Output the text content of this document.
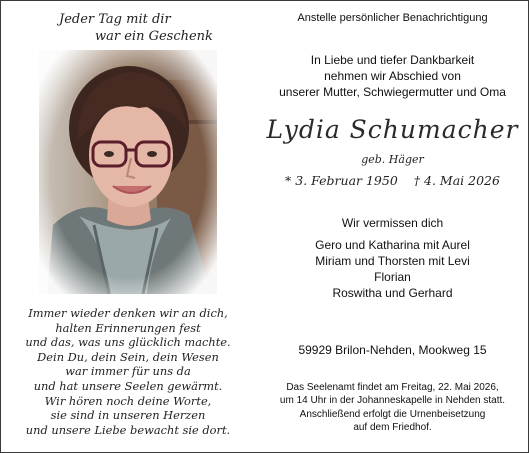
Jeder Tag mit dir
war ein Geschenk
Immer wieder denken wir an dich,
halten Erinnerungen fest
und das, was uns glücklich machte.
Dein Du, dein Sein, dein Wesen
war immer für uns da
und hat unsere Seelen gewärmt.
Wir hören noch deine Worte,
sie sind in unseren Herzen
und unsere Liebe bewacht sie dort.
Anstelle persönlicher Benachrichtigung
In Liebe und tiefer Dankbarkeit
nehmen wir Abschied von
unserer Mutter, Schwiegermutter und Oma
Lydia Schumacher
geb. Häger
* 3. Februar 1950 † 4. Mai 2026
Wir vermissen dich
Gero und Katharina mit Aurel
Miriam und Thorsten mit Levi
Florian
Roswitha und Gerhard
59929 Brilon-Nehden, Mookweg 15
Das Seelenamt findet am Freitag, 22. Mai 2026,
um 14 Uhr in der Johanneskapelle in Nehden statt.
Anschließend erfolgt die Urnenbeisetzung
auf dem Friedhof.
